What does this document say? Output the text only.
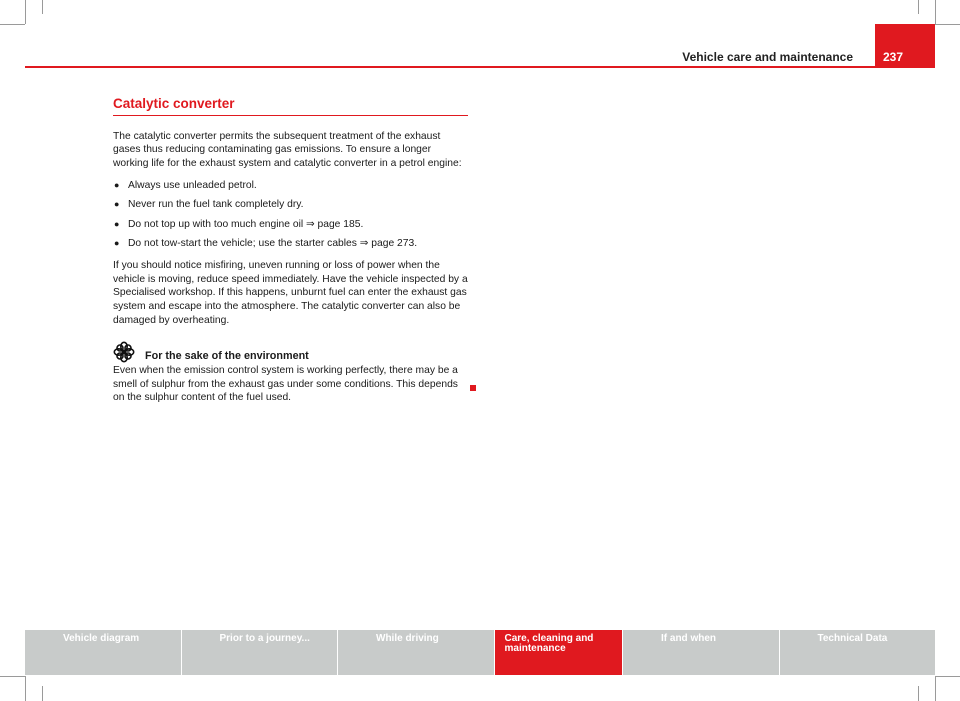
Vehicle care and maintenance	237
Catalytic converter

The catalytic converter permits the subsequent treatment of the exhaust gases thus reducing contaminating gas emissions. To ensure a longer working life for the exhaust system and catalytic converter in a petrol engine:

● Always use unleaded petrol.
● Never run the fuel tank completely dry.
● Do not top up with too much engine oil ⇒ page 185.
● Do not tow-start the vehicle; use the starter cables ⇒ page 273.

If you should notice misfiring, uneven running or loss of power when the vehicle is moving, reduce speed immediately. Have the vehicle inspected by a Specialised workshop. If this happens, unburnt fuel can enter the exhaust gas system and escape into the atmosphere. The catalytic converter can also be damaged by overheating.

For the sake of the environment

Even when the emission control system is working perfectly, there may be a smell of sulphur from the exhaust gas under some conditions. This depends on the sulphur content of the fuel used.

Vehicle diagram	Prior to a journey...	While driving	Care, cleaning and maintenance
If and when	Technical Data
